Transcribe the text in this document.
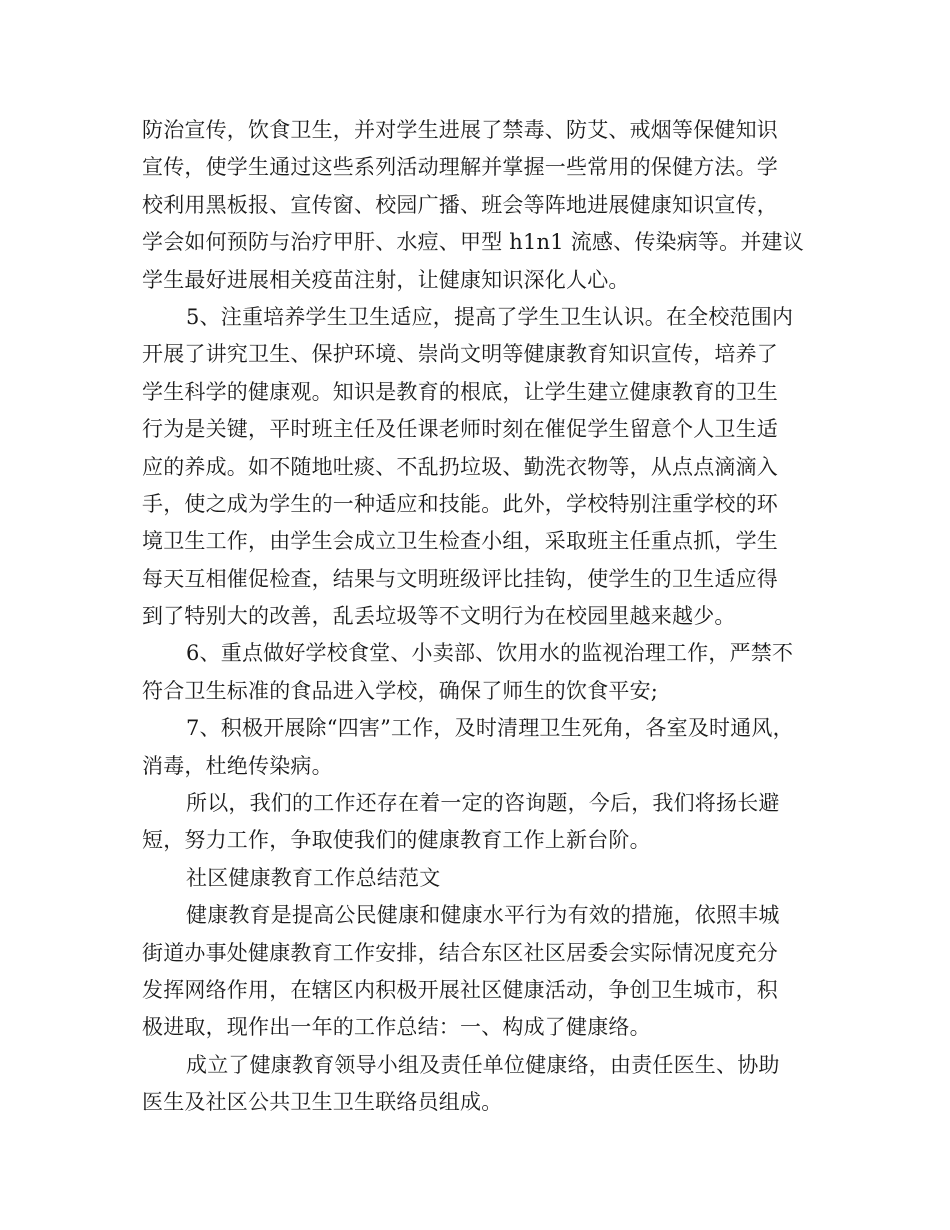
防治宣传，饮食卫生，并对学生进展了禁毒、防艾、戒烟等保健知识
宣传，使学生通过这些系列活动理解并掌握一些常用的保健方法。学
校利用黑板报、宣传窗、校园广播、班会等阵地进展健康知识宣传，
学会如何预防与治疗甲肝、水痘、甲型 h1n1 流感、传染病等。并建议
学生最好进展相关疫苗注射，让健康知识深化人心。
5、注重培养学生卫生适应，提高了学生卫生认识。在全校范围内
开展了讲究卫生、保护环境、崇尚文明等健康教育知识宣传，培养了
学生科学的健康观。知识是教育的根底，让学生建立健康教育的卫生
行为是关键，平时班主任及任课老师时刻在催促学生留意个人卫生适
应的养成。如不随地吐痰、不乱扔垃圾、勤洗衣物等，从点点滴滴入
手，使之成为学生的一种适应和技能。此外，学校特别注重学校的环
境卫生工作，由学生会成立卫生检查小组，采取班主任重点抓，学生
每天互相催促检查，结果与文明班级评比挂钩，使学生的卫生适应得
到了特别大的改善，乱丢垃圾等不文明行为在校园里越来越少。
6、重点做好学校食堂、小卖部、饮用水的监视治理工作，严禁不
符合卫生标准的食品进入学校，确保了师生的饮食平安;
7、积极开展除“四害”工作，及时清理卫生死角，各室及时通风，
消毒，杜绝传染病。
所以，我们的工作还存在着一定的咨询题，今后，我们将扬长避
短，努力工作，争取使我们的健康教育工作上新台阶。
社区健康教育工作总结范文
健康教育是提高公民健康和健康水平行为有效的措施，依照丰城
街道办事处健康教育工作安排，结合东区社区居委会实际情况度充分
发挥网络作用，在辖区内积极开展社区健康活动，争创卫生城市，积
极进取，现作出一年的工作总结：一、构成了健康络。
成立了健康教育领导小组及责任单位健康络，由责任医生、协助
医生及社区公共卫生卫生联络员组成。
